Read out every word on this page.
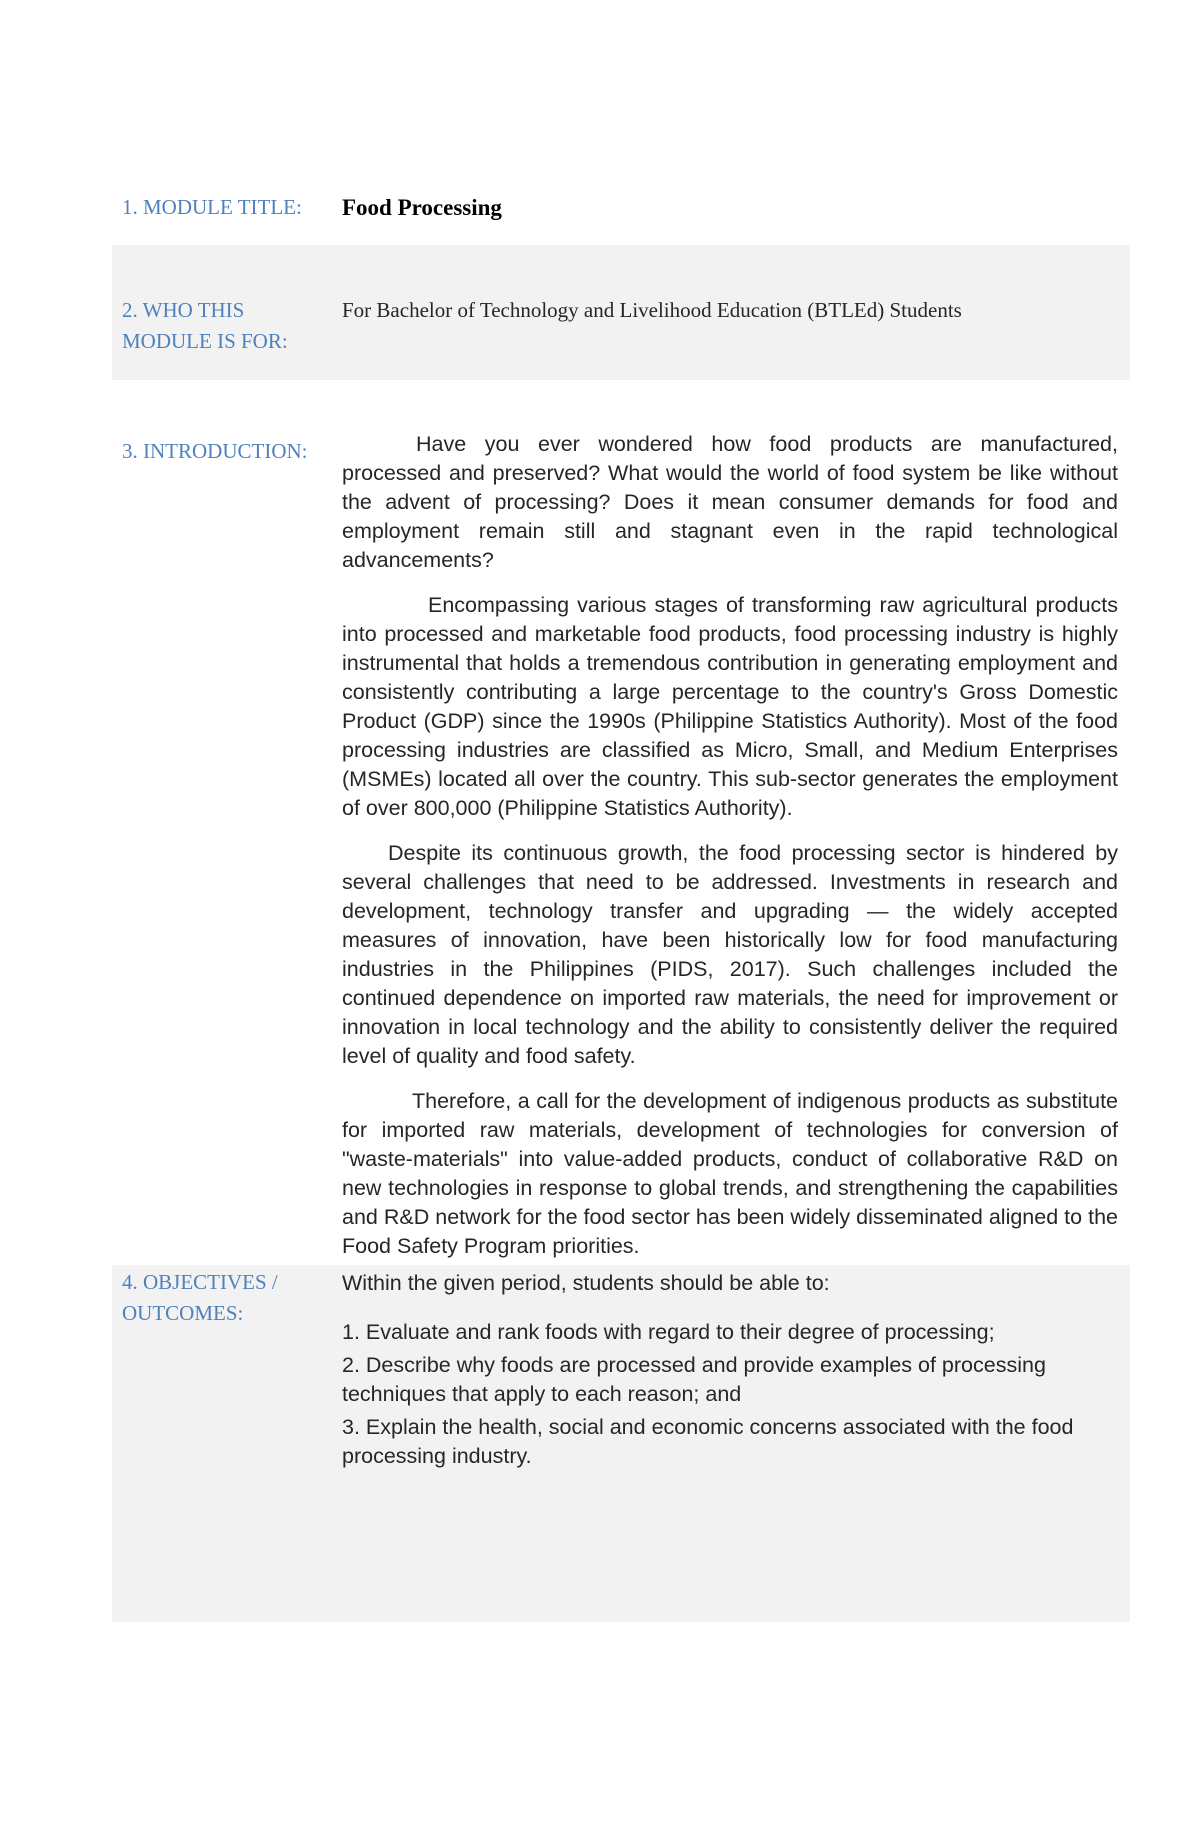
1. MODULE TITLE:	Food Processing
2. WHO THIS
MODULE IS FOR:
For Bachelor of Technology and Livelihood Education (BTLEd) Students
3. INTRODUCTION:	Have you ever wondered how food products are manufactured, processed and preserved? What would the world of food system be like without the advent of processing? Does it mean consumer demands for food and employment remain still and stagnant even in the rapid technological advancements?

Encompassing various stages of transforming raw agricultural products into processed and marketable food products, food processing industry is highly instrumental that holds a tremendous contribution in generating employment and consistently contributing a large percentage to the country's Gross Domestic Product (GDP) since the 1990s (Philippine Statistics Authority). Most of the food processing industries are classified as Micro, Small, and Medium Enterprises (MSMEs) located all over the country. This sub-sector generates the employment of over 800,000 (Philippine Statistics Authority).

Despite its continuous growth, the food processing sector is hindered by several challenges that need to be addressed. Investments in research and development, technology transfer and upgrading — the widely accepted measures of innovation, have been historically low for food manufacturing industries in the Philippines (PIDS, 2017). Such challenges included the continued dependence on imported raw materials, the need for improvement or innovation in local technology and the ability to consistently deliver the required level of quality and food safety.

Therefore, a call for the development of indigenous products as substitute for imported raw materials, development of technologies for conversion of "waste-materials" into value-added products, conduct of collaborative R&D on new technologies in response to global trends, and strengthening the capabilities and R&D network for the food sector has been widely disseminated aligned to the Food Safety Program priorities.

4. OBJECTIVES /
OUTCOMES:
Within the given period, students should be able to:
1. Evaluate and rank foods with regard to their degree of processing;
2. Describe why foods are processed and provide examples of processing techniques that apply to each reason; and
3. Explain the health, social and economic concerns associated with the food processing industry.
